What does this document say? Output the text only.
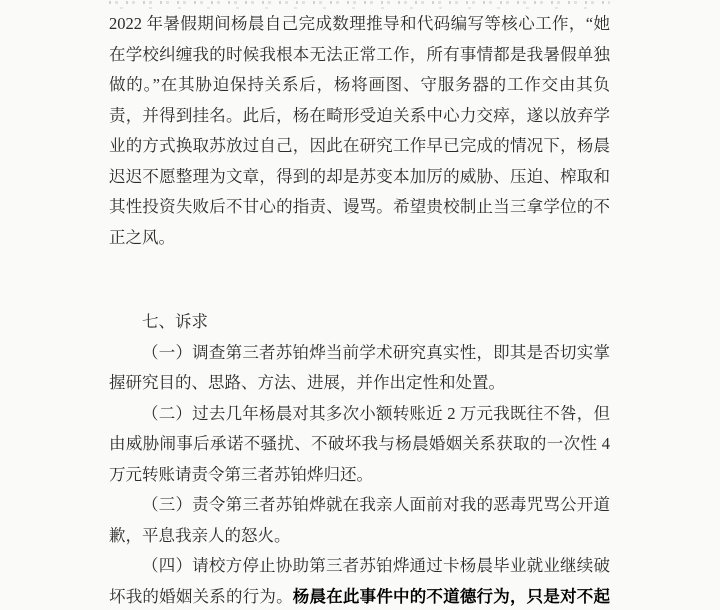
2022 年暑假期间杨晨自己完成数理推导和代码编写等核心工作，“她
在学校纠缠我的时候我根本无法正常工作，所有事情都是我暑假单独
做的。”在其胁迫保持关系后，杨将画图、守服务器的工作交由其负
责，并得到挂名。此后，杨在畸形受迫关系中心力交瘁，遂以放弃学
业的方式换取苏放过自己，因此在研究工作早已完成的情况下，杨晨
迟迟不愿整理为文章，得到的却是苏变本加厉的威胁、压迫、榨取和
其性投资失败后不甘心的指责、谩骂。希望贵校制止当三拿学位的不
正之风。
七、诉求
（一）调查第三者苏铂烨当前学术研究真实性，即其是否切实掌
握研究目的、思路、方法、进展，并作出定性和处置。
（二）过去几年杨晨对其多次小额转账近 2 万元我既往不咎，但
由威胁闹事后承诺不骚扰、不破坏我与杨晨婚姻关系获取的一次性 4
万元转账请责令第三者苏铂烨归还。
（三）责令第三者苏铂烨就在我亲人面前对我的恶毒咒骂公开道
歉，平息我亲人的怒火。
（四）请校方停止协助第三者苏铂烨通过卡杨晨毕业就业继续破
坏我的婚姻关系的行为。杨晨在此事件中的不道德行为，只是对不起
